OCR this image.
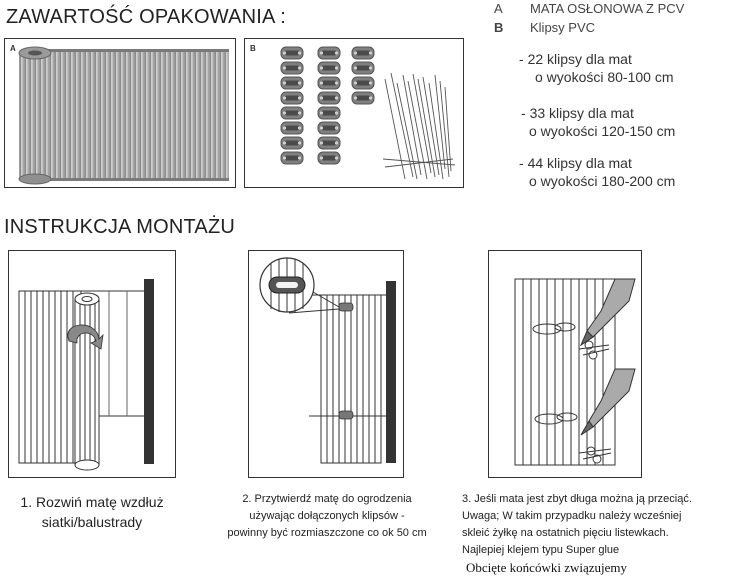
ZAWARTOŚĆ OPAKOWANIA :
A	B
A MATA OSŁONOWA Z PCV
B Klipsy PVC
- 22 klipsy dla mat
o wyokości 80-100 cm
- 33 klipsy dla mat
o wyokości 120-150 cm
- 44 klipsy dla mat
o wyokości 180-200 cm
INSTRUKCJA MONTAŻU
1. Rozwiń matę wzdłuż
siatki/balustrady
2. Przytwierdź matę do ogrodzenia
używając dołączonych klipsów -
powinny być rozmiaszczone co ok 50 cm
3. Jeśli mata jest zbyt długa można ją przeciąć.
Uwaga; W takim przypadku należy wcześniej
skleić żyłkę na ostatnich pięciu listewkach.
Najlepiej klejem typu Super glue
Obcięte końcówki związujemy
